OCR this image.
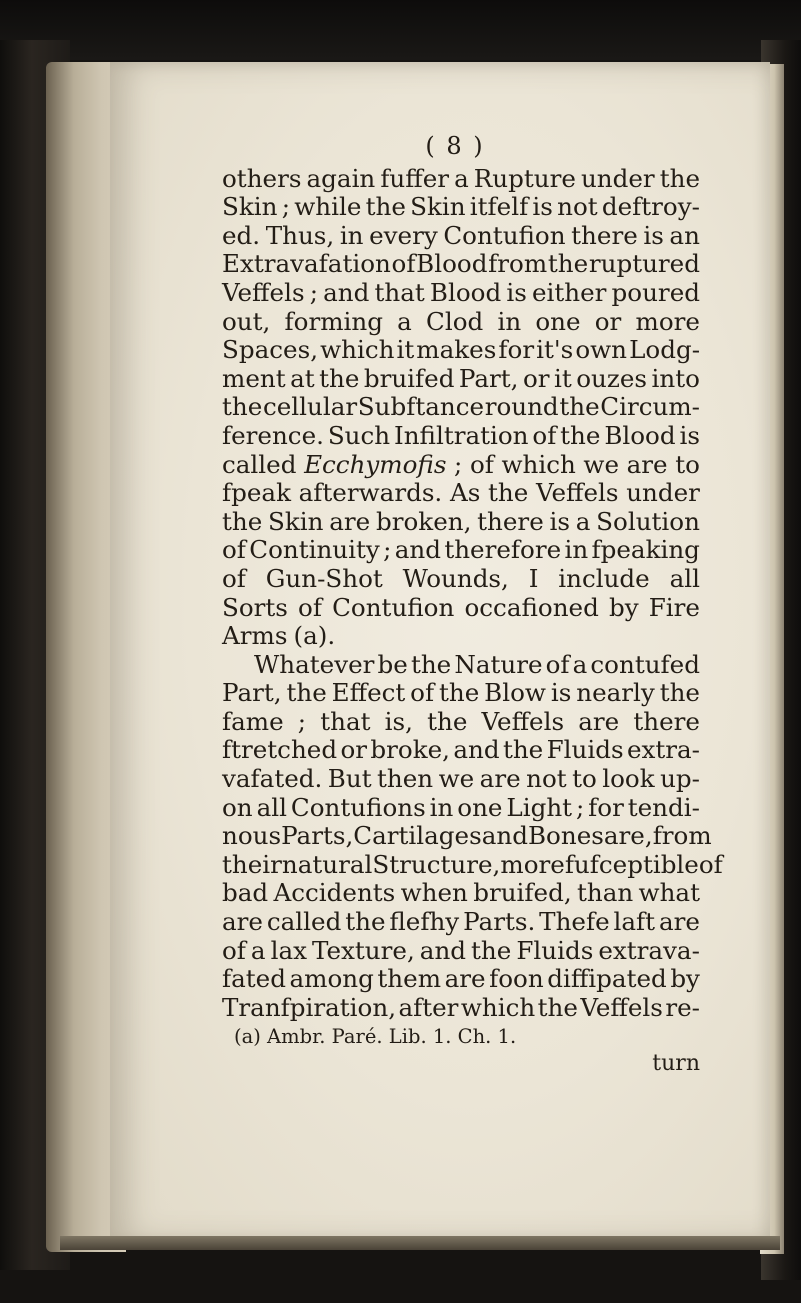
( 8 )
others again fuffer a Rupture under the
Skin ; while the Skin itfelf is not deftroy-
ed. Thus, in every Contufion there is an
Extravafation of Blood from the ruptured
Veffels ; and that Blood is either poured
out, forming a Clod in one or more
Spaces, which it makes for it's own Lodg-
ment at the bruifed Part, or it ouzes into
the cellular Subftance round the Circum-
ference. Such Infiltration of the Blood is
called Ecchymofis ; of which we are to
fpeak afterwards. As the Veffels under
the Skin are broken, there is a Solution
of Continuity ; and therefore in fpeaking
of Gun-Shot Wounds, I include all
Sorts of Contufion occafioned by Fire
Arms (a).
Whatever be the Nature of a contufed
Part, the Effect of the Blow is nearly the
fame ; that is, the Veffels are there
ftretched or broke, and the Fluids extra-
vafated. But then we are not to look up-
on all Contufions in one Light ; for tendi-
nous Parts, Cartilages and Bones are, from
their natural Structure, more fufceptible of
bad Accidents when bruifed, than what
are called the flefhy Parts. Thefe laft are
of a lax Texture, and the Fluids extrava-
fated among them are foon diffipated by
Tranfpiration, after which the Veffels re-
(a) Ambr. Paré. Lib. 1. Ch. 1.
turn
